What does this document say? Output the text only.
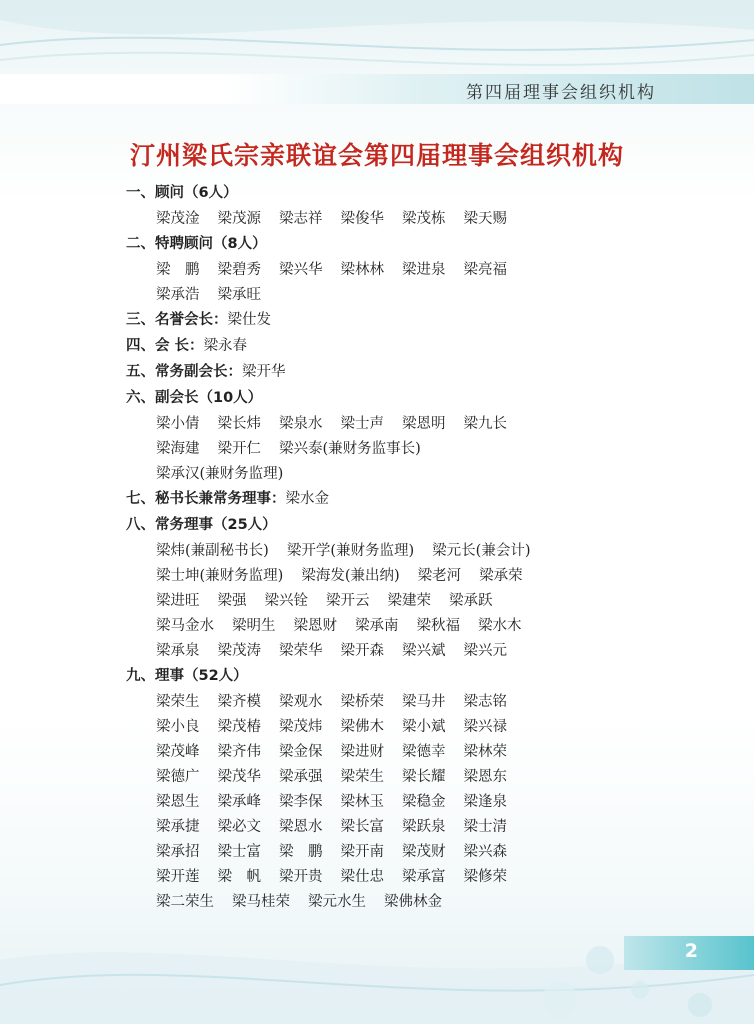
第四届理事会组织机构
汀州梁氏宗亲联谊会第四届理事会组织机构
一、顾问（6人）
梁茂淦 梁茂源 梁志祥 梁俊华 梁茂栋 梁天赐
二、特聘顾问（8人）
梁　鹏 梁碧秀 梁兴华 梁林林 梁进泉 梁亮福
梁承浩 梁承旺
三、名誉会长：梁仕发
四、会 长：梁永春
五、常务副会长：梁开华
六、副会长（10人）
梁小倩 梁长炜 梁泉水 梁士声 梁恩明 梁九长
梁海建 梁开仁 梁兴泰(兼财务监事长)
梁承汉(兼财务监理)
七、秘书长兼常务理事：梁水金
八、常务理事（25人）
梁炜(兼副秘书长) 梁开学(兼财务监理) 梁元长(兼会计)
梁士坤(兼财务监理) 梁海发(兼出纳) 梁老河 梁承荣
梁进旺 梁强 梁兴铨 梁开云 梁建荣 梁承跃
梁马金水 梁明生 梁恩财 梁承南 梁秋福 梁水木
梁承泉 梁茂涛 梁荣华 梁开森 梁兴斌 梁兴元
九、理事（52人）
梁荣生 梁齐模 梁观水 梁桥荣 梁马井 梁志铭
梁小良 梁茂椿 梁茂炜 梁佛木 梁小斌 梁兴禄
梁茂峰 梁齐伟 梁金保 梁进财 梁德幸 梁林荣
梁德广 梁茂华 梁承强 梁荣生 梁长耀 梁恩东
梁恩生 梁承峰 梁李保 梁林玉 梁稳金 梁逢泉
梁承捷 梁必文 梁恩水 梁长富 梁跃泉 梁士清
梁承招 梁士富 梁　鹏 梁开南 梁茂财 梁兴森
梁开莲 梁　帆 梁开贵 梁仕忠 梁承富 梁修荣
梁二荣生 梁马桂荣 梁元水生 梁佛林金
2
